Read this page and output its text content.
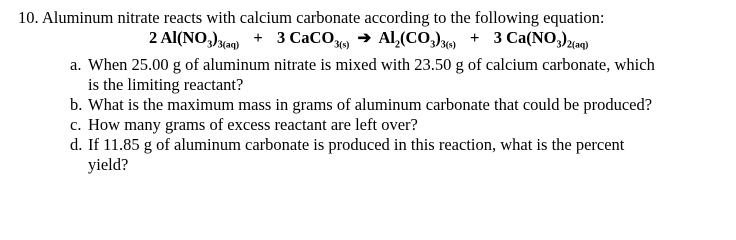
10. Aluminum nitrate reacts with calcium carbonate according to the following equation:
2 $Al(NO_3)_{3(aq)} + 3$ CaCO$_{3(s)}$ ➔ $Al_2(CO_3)_{3(s)} + 3$ $Ca(NO_3)_{2(aq)}$
a. When 25.00 g of aluminum nitrate is mixed with 23.50 g of calcium carbonate, which
is the limiting reactant?
b. What is the maximum mass in grams of aluminum carbonate that could be produced?
c. How many grams of excess reactant are left over?
d. If 11.85 g of aluminum carbonate is produced in this reaction, what is the percent
yield?
